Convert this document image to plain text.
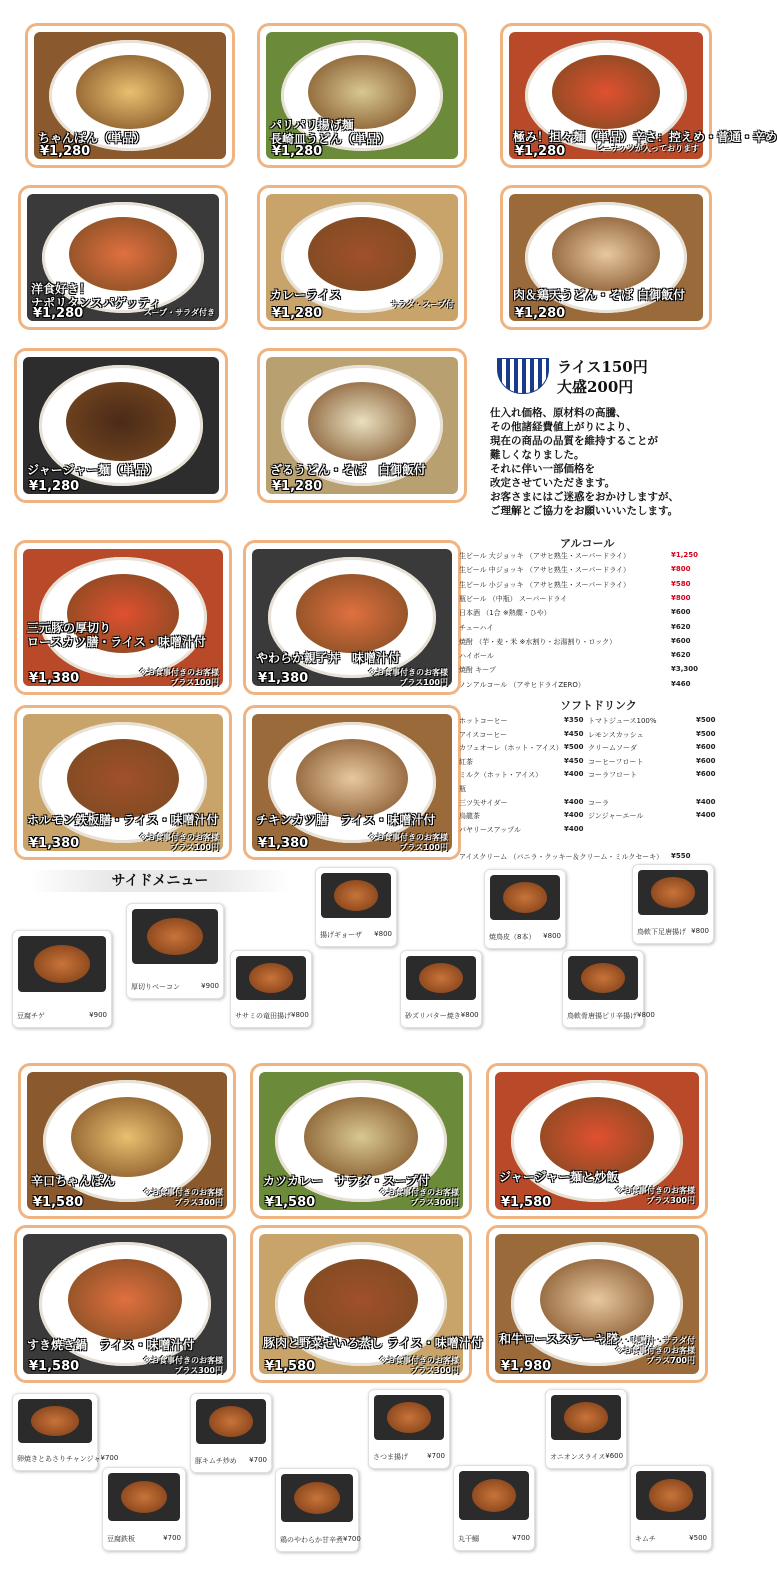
ちゃんぽん（単品）
¥1,280
パリパリ揚げ麺
長崎皿うどん（単品）
¥1,280
極み！担々麺（単品）辛さ：控えめ・普通・辛め
¥1,280	ピーナッツが入っております
洋食好き！
ナポリタンスパゲッティ
¥1,280	スープ・サラダ付き
カレーライス
¥1,280
サラダ・スープ付
肉＆鶏天うどん・そば 白御飯付
¥1,280
ジャージャー麺（単品）
¥1,280
ざるうどん・そば　白御飯付
¥1,280
ライス150円
大盛200円
仕入れ価格、原材料の高騰、
その他諸経費値上がりにより、
現在の商品の品質を維持することが
難しくなりました。
それに伴い一部価格を
改定させていただきます。
お客さまにはご迷惑をおかけしますが、
ご理解とご協力をお願いいいたします。
三元豚の厚切り
ロースカツ膳・ライス・味噌汁付
¥1,380	※お食事付きのお客様
プラス100円
やわらか親子丼　味噌汁付
¥1,380	※お食事付きのお客様
プラス100円
ホルモン鉄板膳・ライス・味噌汁付
¥1,380	※お食事付きのお客様
プラス100円
チキンカツ膳　ライス・味噌汁付
¥1,380	※お食事付きのお客様
プラス100円
アルコール
生ビール 大ジョッキ （アサヒ熟生・スーパードライ）	¥1,250
生ビール 中ジョッキ （アサヒ熟生・スーパードライ）	¥800
生ビール 小ジョッキ （アサヒ熟生・スーパードライ）	¥580
瓶ビール （中瓶） スーパードライ	¥800
日本酒 （1合 ※熱燗・ひや）	¥600
チューハイ	¥620
焼酎 （芋・麦・米 ※水割り・お湯割り・ロック）	¥600
ハイボール	¥620
焼酎 キープ	¥3,300
ノンアルコール （アサヒドライZERO）	¥460
ソフトドリンク
ホットコーヒー	¥350 トマトジュース100%	¥500
アイスコーヒー	¥450 レモンスカッシュ	¥500
カフェオーレ（ホット・アイス） ¥500 クリームソーダ	¥600
紅茶	¥450 コーヒーフロート	¥600
ミルク（ホット・アイス）	¥400 コーラフロート	¥600
瓶
三ツ矢サイダー	¥400 コーラ	¥400
烏龍茶	¥400 ジンジャーエール	¥400
バヤリースアップル	¥400
アイスクリーム （バニラ・クッキー＆クリーム・ミルクセーキ） ¥550
サイドメニュー
揚げギョーザ ¥800	焼鳥皮（8本） ¥800	鳥軟下足唐揚げ ¥800
豆腐チゲ	¥900
厚切りベーコン	¥900
ササミの竜田揚げ ¥800	砂ズリバター焼き ¥800	鳥軟骨唐揚ピリ辛揚げ ¥800
辛口ちゃんぽん
¥1,580
※お食事付きのお客様
プラス300円
カツカレー　サラダ・スープ付
¥1,580
※お食事付きのお客様
プラス300円
ジャージャー麺と炒飯
¥1,580
※お食事付きのお客様
プラス300円
すき焼き鍋　ライス・味噌汁付
¥1,580	※お食事付きのお客様
プラス300円
豚肉と野菜せいろ蒸し ライス・味噌汁付
¥1,580	※お食事付きのお客様
プラス300円
和牛ロースステーキ膳
¥1,980
ライス・味噌汁・サラダ付
※お食事付きのお客様
プラス700円
卵焼きとあさりチャンジャ ¥700	豚キムチ炒め ¥700	さつま揚げ	¥700	オニオンスライス ¥600
豆腐鉄板	¥700	鶏のやわらか甘辛煮 ¥700	丸干鰯	¥700	キムチ	¥500
